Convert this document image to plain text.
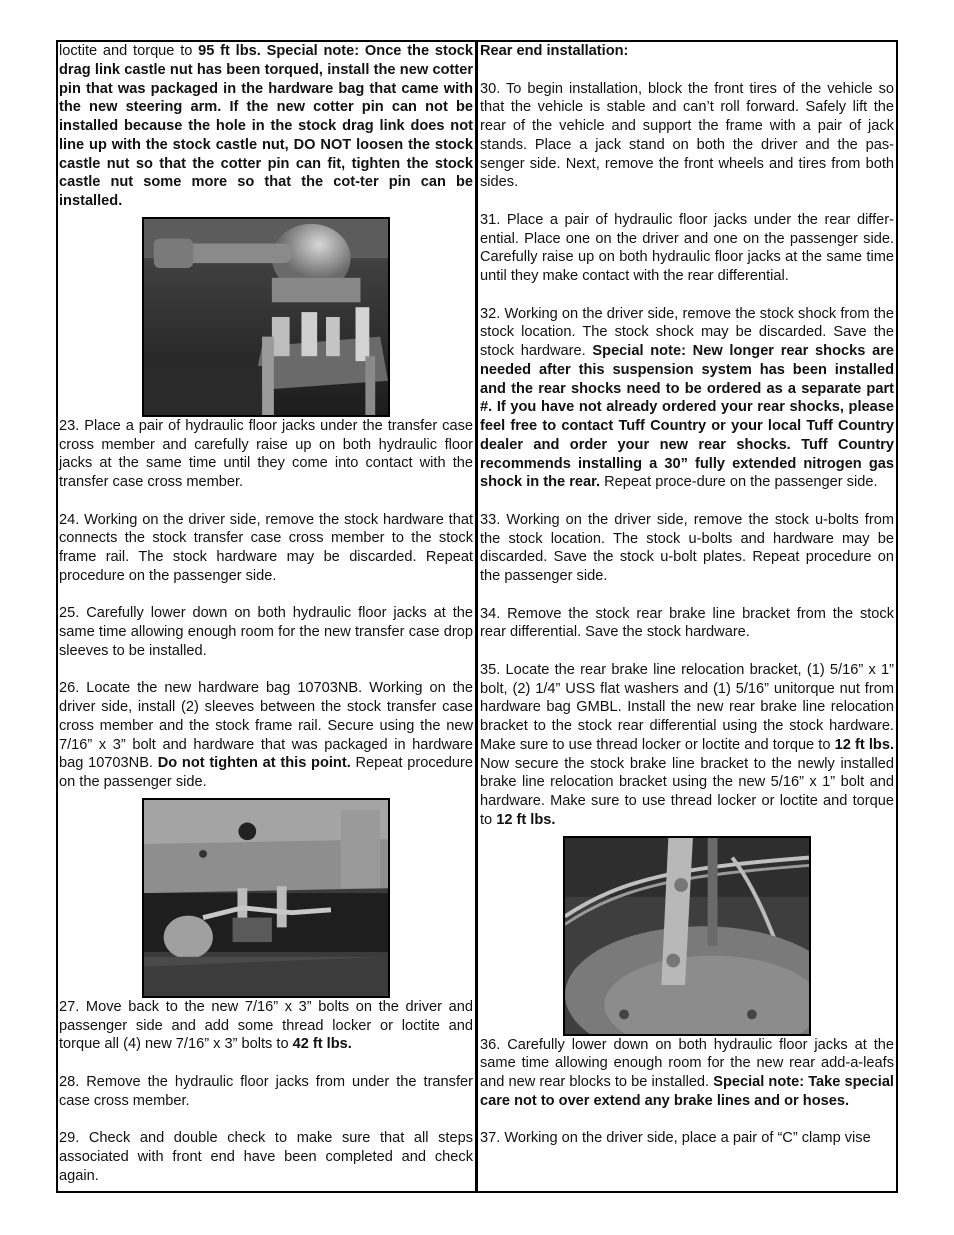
loctite and torque to 95 ft lbs. Special note: Once the stock drag link castle nut has been torqued, install the new cotter pin that was packaged in the hardware bag that came with the new steering arm. If the new cotter pin can not be installed because the hole in the stock drag link does not line up with the stock castle nut, DO NOT loosen the stock castle nut so that the cotter pin can fit, tighten the stock castle nut some more so that the cot-ter pin can be installed.

23. Place a pair of hydraulic floor jacks under the transfer case cross member and carefully raise up on both hydraulic floor jacks at the same time until they come into contact with the transfer case cross member.

24. Working on the driver side, remove the stock hardware that connects the stock transfer case cross member to the stock frame rail. The stock hardware may be discarded. Repeat procedure on the passenger side.

25. Carefully lower down on both hydraulic floor jacks at the same time allowing enough room for the new transfer case drop sleeves to be installed.

26. Locate the new hardware bag 10703NB. Working on the driver side, install (2) sleeves between the stock transfer case cross member and the stock frame rail. Secure using the new 7/16” x 3” bolt and hardware that was packaged in hardware bag 10703NB. Do not tighten at this point. Repeat procedure on the passenger side.

27. Move back to the new 7/16” x 3” bolts on the driver and passenger side and add some thread locker or loctite and torque all (4) new 7/16” x 3” bolts to 42 ft lbs.

28. Remove the hydraulic floor jacks from under the transfer case cross member.

29. Check and double check to make sure that all steps associated with front end have been completed and check again.

Rear end installation:

30. To begin installation, block the front tires of the vehicle so that the vehicle is stable and can’t roll forward. Safely lift the rear of the vehicle and support the frame with a pair of jack stands. Place a jack stand on both the driver and the pas-senger side. Next, remove the front wheels and tires from both sides.

31. Place a pair of hydraulic floor jacks under the rear differ-ential. Place one on the driver and one on the passenger side. Carefully raise up on both hydraulic floor jacks at the same time until they make contact with the rear differential.

32. Working on the driver side, remove the stock shock from the stock location. The stock shock may be discarded. Save the stock hardware. Special note: New longer rear shocks are needed after this suspension system has been installed and the rear shocks need to be ordered as a separate part #. If you have not already ordered your rear shocks, please feel free to contact Tuff Country or your local Tuff Country dealer and order your new rear shocks. Tuff Country recommends installing a 30” fully extended nitrogen gas shock in the rear. Repeat proce-dure on the passenger side.

33. Working on the driver side, remove the stock u-bolts from the stock location. The stock u-bolts and hardware may be discarded. Save the stock u-bolt plates. Repeat procedure on the passenger side.

34. Remove the stock rear brake line bracket from the stock rear differential. Save the stock hardware.

35. Locate the rear brake line relocation bracket, (1) 5/16” x 1” bolt, (2) 1/4” USS flat washers and (1) 5/16” unitorque nut from hardware bag GMBL. Install the new rear brake line relocation bracket to the stock rear differential using the stock hardware. Make sure to use thread locker or loctite and torque to 12 ft lbs. Now secure the stock brake line bracket to the newly installed brake line relocation bracket using the new 5/16” x 1” bolt and hardware. Make sure to use thread locker or loctite and torque to 12 ft lbs.

36. Carefully lower down on both hydraulic floor jacks at the same time allowing enough room for the new rear add-a-leafs and new rear blocks to be installed. Special note: Take special care not to over extend any brake lines and or hoses.

37. Working on the driver side, place a pair of “C” clamp vise
